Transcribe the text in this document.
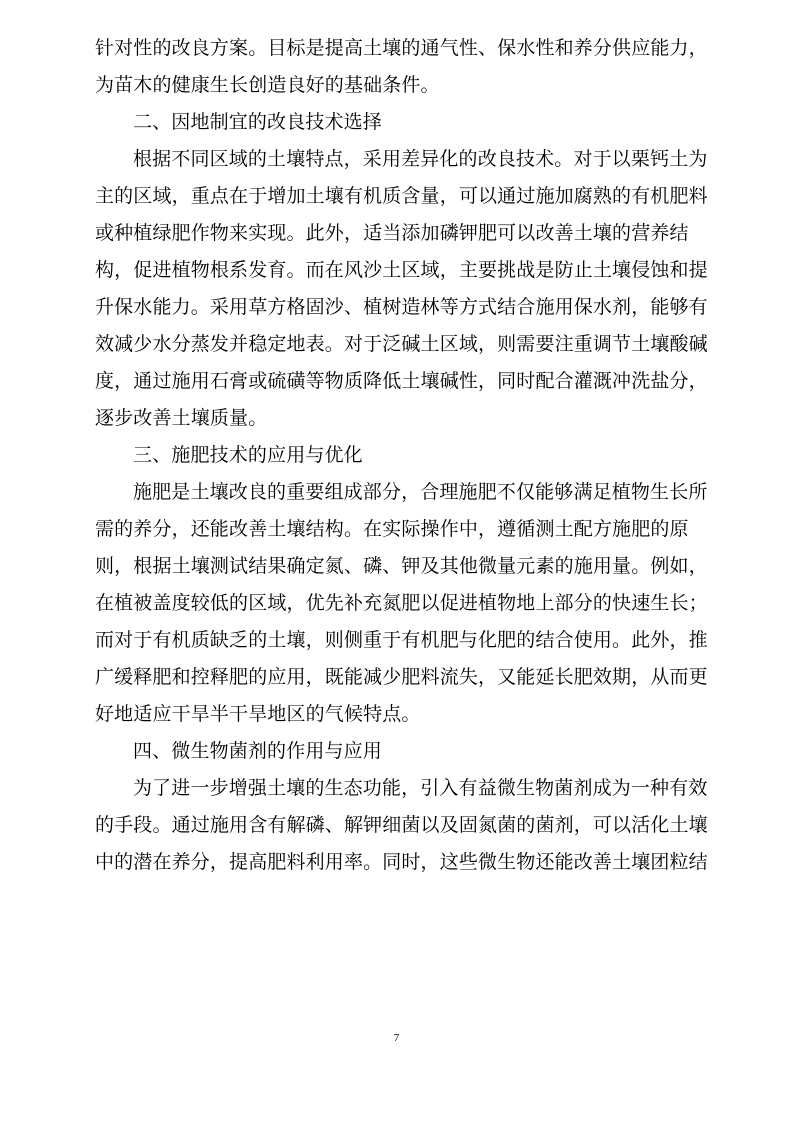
针对性的改良方案。目标是提高土壤的通气性、保水性和养分供应能力，
为苗木的健康生长创造良好的基础条件。
二、因地制宜的改良技术选择
根据不同区域的土壤特点，采用差异化的改良技术。对于以栗钙土为
主的区域，重点在于增加土壤有机质含量，可以通过施加腐熟的有机肥料
或种植绿肥作物来实现。此外，适当添加磷钾肥可以改善土壤的营养结
构，促进植物根系发育。而在风沙土区域，主要挑战是防止土壤侵蚀和提
升保水能力。采用草方格固沙、植树造林等方式结合施用保水剂，能够有
效减少水分蒸发并稳定地表。对于泛碱土区域，则需要注重调节土壤酸碱
度，通过施用石膏或硫磺等物质降低土壤碱性，同时配合灌溉冲洗盐分，
逐步改善土壤质量。
三、施肥技术的应用与优化
施肥是土壤改良的重要组成部分，合理施肥不仅能够满足植物生长所
需的养分，还能改善土壤结构。在实际操作中，遵循测土配方施肥的原
则，根据土壤测试结果确定氮、磷、钾及其他微量元素的施用量。例如，
在植被盖度较低的区域，优先补充氮肥以促进植物地上部分的快速生长；
而对于有机质缺乏的土壤，则侧重于有机肥与化肥的结合使用。此外，推
广缓释肥和控释肥的应用，既能减少肥料流失，又能延长肥效期，从而更
好地适应干旱半干旱地区的气候特点。
四、微生物菌剂的作用与应用
为了进一步增强土壤的生态功能，引入有益微生物菌剂成为一种有效
的手段。通过施用含有解磷、解钾细菌以及固氮菌的菌剂，可以活化土壤
中的潜在养分，提高肥料利用率。同时，这些微生物还能改善土壤团粒结
7
